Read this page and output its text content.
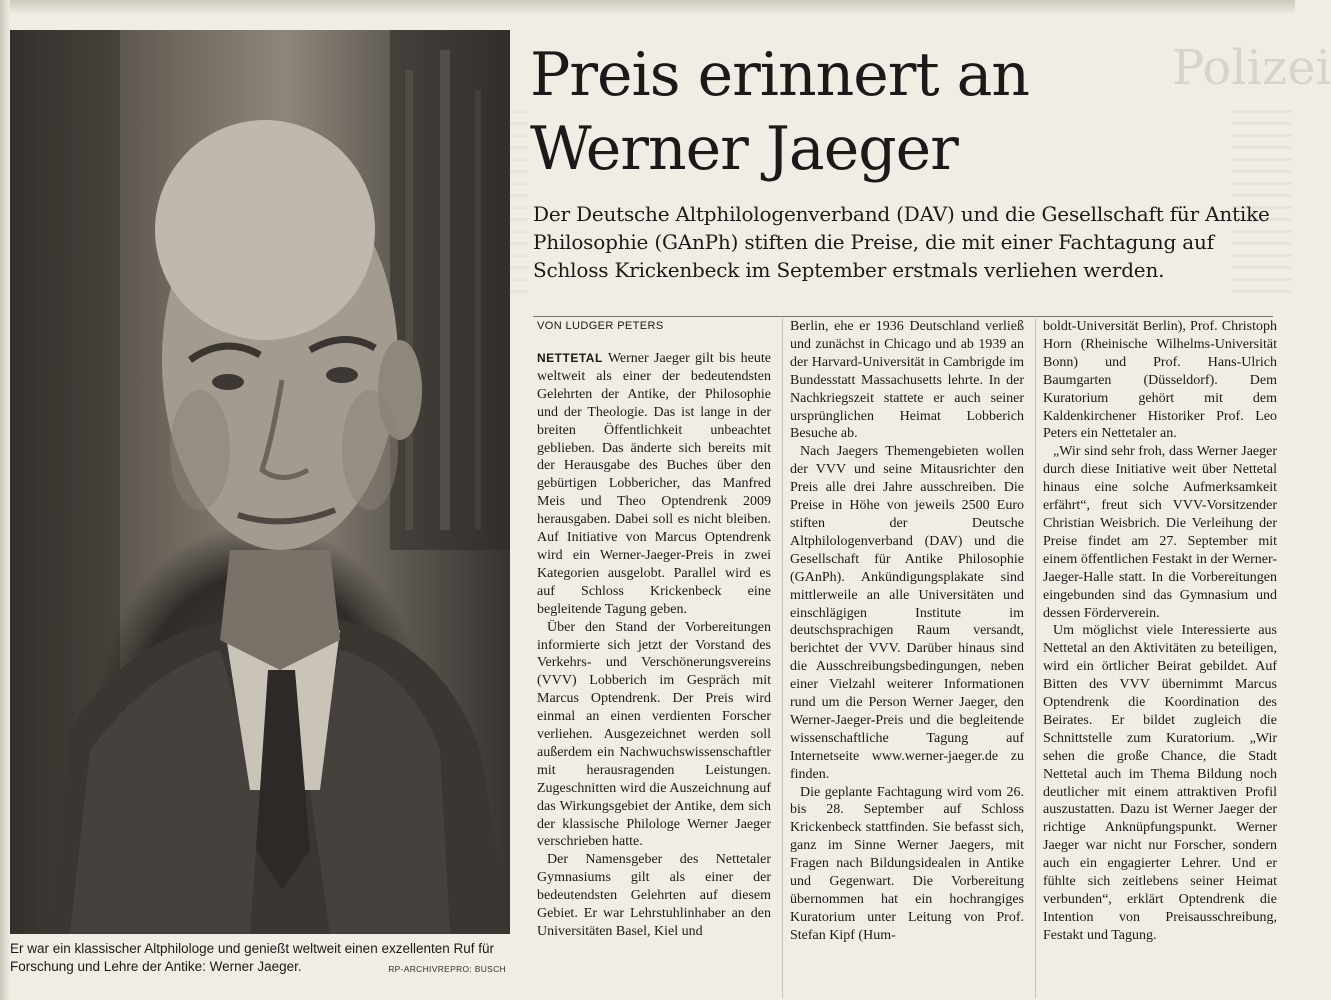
Er war ein klassischer Altphilologe und genießt weltweit einen exzellenten Ruf für Forschung und Lehre der Antike: Werner Jaeger.	RP-ARCHIVREPRO: BUSCH
Polizei
Preis erinnert an
Werner Jaeger
Der Deutsche Altphilologenverband (DAV) und die Gesellschaft für Antike Philosophie (GAnPh) stiften die Preise, die mit einer Fachtagung auf Schloss Krickenbeck im September erstmals verliehen werden.
VON LUDGER PETERS

NETTETAL Werner Jaeger gilt bis heute weltweit als einer der bedeutendsten Gelehrten der Antike, der Philosophie und der Theologie. Das ist lange in der breiten Öffentlichkeit unbeachtet geblieben. Das änderte sich bereits mit der Herausgabe des Buches über den gebürtigen Lobbericher, das Manfred Meis und Theo Optendrenk 2009 herausgaben. Dabei soll es nicht bleiben. Auf Initiative von Marcus Optendrenk wird ein Werner-Jaeger-Preis in zwei Kategorien ausgelobt. Parallel wird es auf Schloss Krickenbeck eine begleitende Tagung geben.

Über den Stand der Vorbereitungen informierte sich jetzt der Vorstand des Verkehrs- und Verschönerungsvereins (VVV) Lobberich im Gespräch mit Marcus Optendrenk. Der Preis wird einmal an einen verdienten Forscher verliehen. Ausgezeichnet werden soll außerdem ein Nachwuchswissenschaftler mit herausragenden Leistungen. Zugeschnitten wird die Auszeichnung auf das Wirkungsgebiet der Antike, dem sich der klassische Philologe Werner Jaeger verschrieben hatte.

Der Namensgeber des Nettetaler Gymnasiums gilt als einer der bedeutendsten Gelehrten auf diesem Gebiet. Er war Lehrstuhlinhaber an den Universitäten Basel, Kiel und

Berlin, ehe er 1936 Deutschland verließ und zunächst in Chicago und ab 1939 an der Harvard-Universität in Cambrigde im Bundesstatt Massachusetts lehrte. In der Nachkriegszeit stattete er auch seiner ursprünglichen Heimat Lobberich Besuche ab.

Nach Jaegers Themengebieten wollen der VVV und seine Mitausrichter den Preis alle drei Jahre ausschreiben. Die Preise in Höhe von jeweils 2500 Euro stiften der Deutsche Altphilologenverband (DAV) und die Gesellschaft für Antike Philosophie (GAnPh). Ankündigungsplakate sind mittlerweile an alle Universitäten und einschlägigen Institute im deutschsprachigen Raum versandt, berichtet der VVV. Darüber hinaus sind die Ausschreibungsbedingungen, neben einer Vielzahl weiterer Informationen rund um die Person Werner Jaeger, den Werner-Jaeger-Preis und die begleitende wissenschaftliche Tagung auf Internetseite www.werner-jaeger.de zu finden.

Die geplante Fachtagung wird vom 26. bis 28. September auf Schloss Krickenbeck stattfinden. Sie befasst sich, ganz im Sinne Werner Jaegers, mit Fragen nach Bildungsidealen in Antike und Gegenwart. Die Vorbereitung übernommen hat ein hochrangiges Kuratorium unter Leitung von Prof. Stefan Kipf (Hum-

boldt-Universität Berlin), Prof. Christoph Horn (Rheinische Wilhelms-Universität Bonn) und Prof. Hans-Ulrich Baumgarten (Düsseldorf). Dem Kuratorium gehört mit dem Kaldenkirchener Historiker Prof. Leo Peters ein Nettetaler an.

„Wir sind sehr froh, dass Werner Jaeger durch diese Initiative weit über Nettetal hinaus eine solche Aufmerksamkeit erfährt“, freut sich VVV-Vorsitzender Christian Weisbrich. Die Verleihung der Preise findet am 27. September mit einem öffentlichen Festakt in der Werner-Jaeger-Halle statt. In die Vorbereitungen eingebunden sind das Gymnasium und dessen Förderverein.

Um möglichst viele Interessierte aus Nettetal an den Aktivitäten zu beteiligen, wird ein örtlicher Beirat gebildet. Auf Bitten des VVV übernimmt Marcus Optendrenk die Koordination des Beirates. Er bildet zugleich die Schnittstelle zum Kuratorium. „Wir sehen die große Chance, die Stadt Nettetal auch im Thema Bildung noch deutlicher mit einem attraktiven Profil auszustatten. Dazu ist Werner Jaeger der richtige Anknüpfungspunkt. Werner Jaeger war nicht nur Forscher, sondern auch ein engagierter Lehrer. Und er fühlte sich zeitlebens seiner Heimat verbunden“, erklärt Optendrenk die Intention von Preisausschreibung, Festakt und Tagung.
